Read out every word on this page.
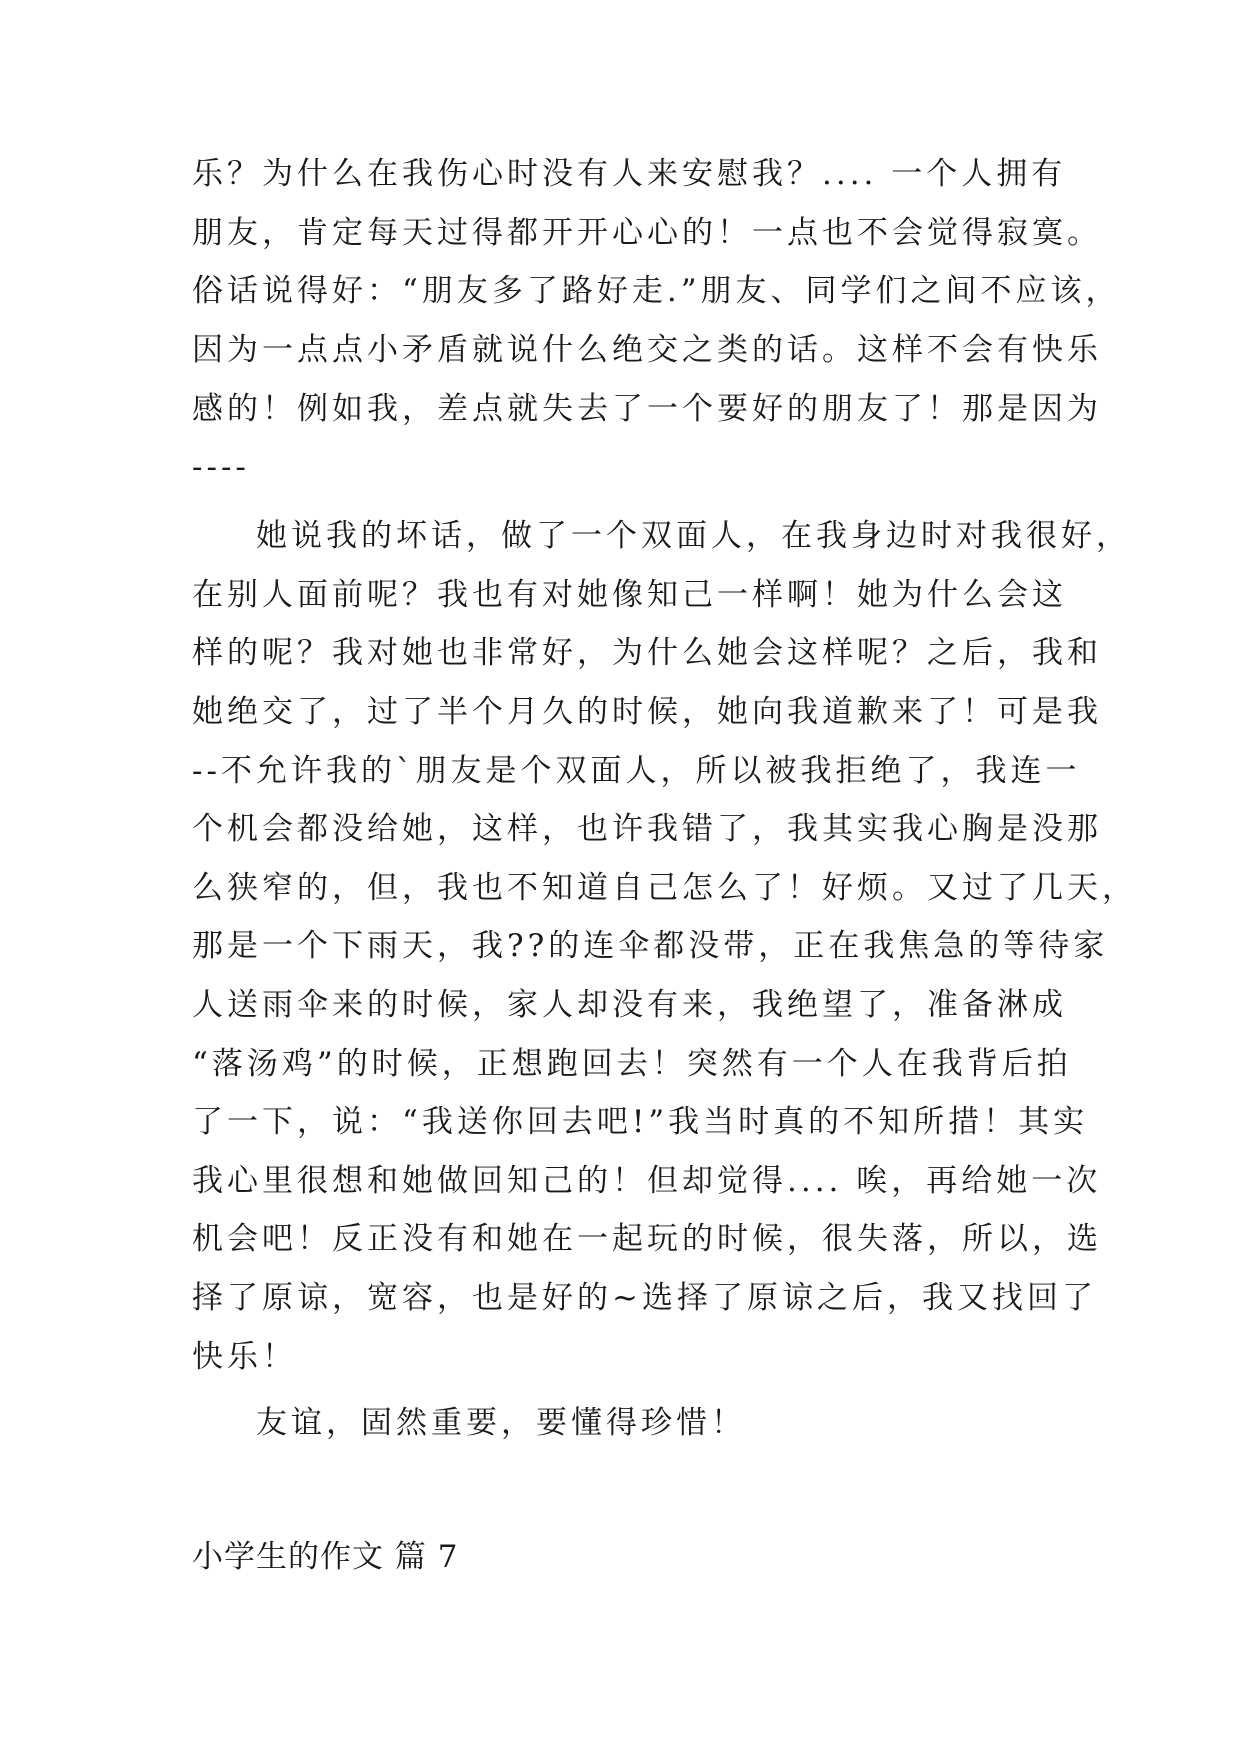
乐？为什么在我伤心时没有人来安慰我？.... 一个人拥有
朋友，肯定每天过得都开开心心的！一点也不会觉得寂寞。
俗话说得好：“朋友多了路好走.”朋友、同学们之间不应该，
因为一点点小矛盾就说什么绝交之类的话。这样不会有快乐
感的！例如我，差点就失去了一个要好的朋友了！那是因为
----
她说我的坏话，做了一个双面人，在我身边时对我很好，
在别人面前呢？我也有对她像知己一样啊！她为什么会这
样的呢？我对她也非常好，为什么她会这样呢？之后，我和
她绝交了，过了半个月久的时候，她向我道歉来了！可是我
--不允许我的`朋友是个双面人，所以被我拒绝了，我连一
个机会都没给她，这样，也许我错了，我其实我心胸是没那
么狭窄的，但，我也不知道自己怎么了！好烦。又过了几天，
那是一个下雨天，我??的连伞都没带，正在我焦急的等待家
人送雨伞来的时候，家人却没有来，我绝望了，准备淋成
“落汤鸡”的时候，正想跑回去！突然有一个人在我背后拍
了一下，说：“我送你回去吧!”我当时真的不知所措！其实
我心里很想和她做回知己的！但却觉得.... 唉，再给她一次
机会吧！反正没有和她在一起玩的时候，很失落，所以，选
择了原谅，宽容，也是好的~选择了原谅之后，我又找回了
快乐！
友谊，固然重要，要懂得珍惜！
小学生的作文 篇 7
